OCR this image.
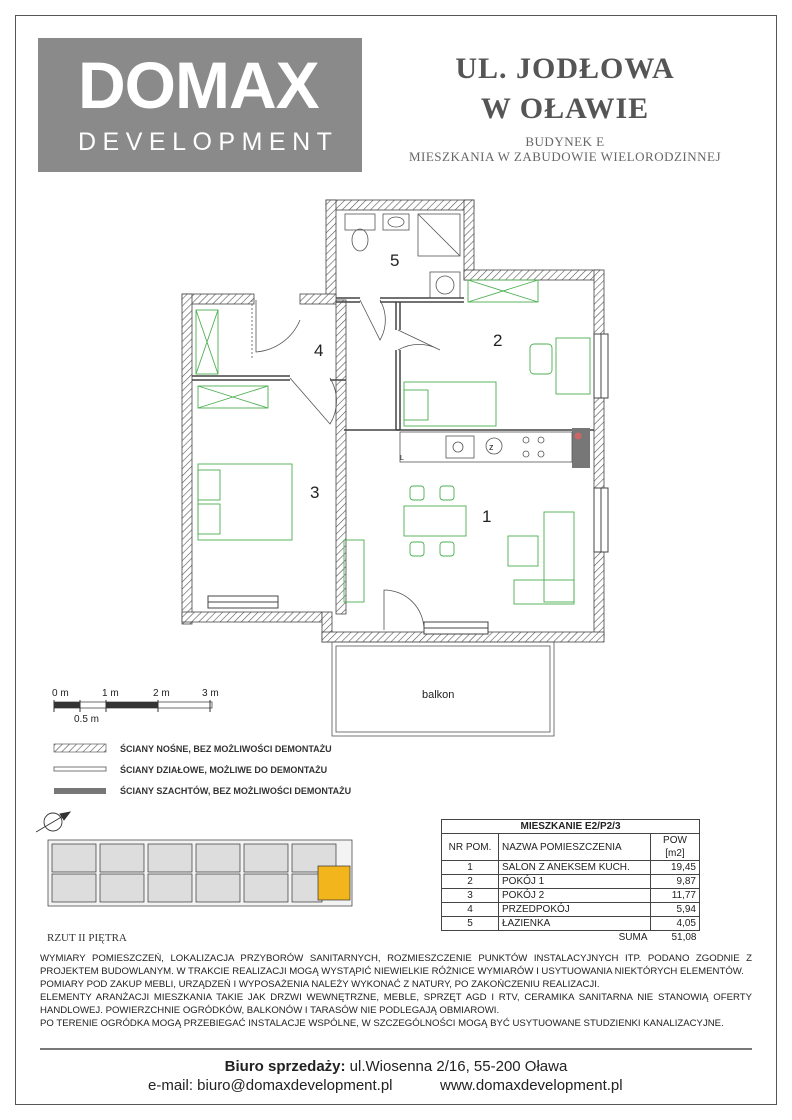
DOMAX	R
DEVELOPMENT
UL. JODŁOWA
W OŁAWIE
BUDYNEK E
MIESZKANIA W ZABUDOWIE WIELORODZINNEJ
z
L
1
2
3
4
5
balkon
0 m	1 m	2 m	3 m
0.5 m
ŚCIANY NOŚNE, BEZ MOŻLIWOŚCI DEMONTAŻU
ŚCIANY DZIAŁOWE, MOŻLIWE DO DEMONTAŻU
ŚCIANY SZACHTÓW, BEZ MOŻLIWOŚCI DEMONTAŻU
RZUT II PIĘTRA
MIESZKANIE E2/P2/3		
NR POM.	NAZWA POMIESZCZENIA	POW [m2]
1	SALON Z ANEKSEM KUCH.	19,45
2	POKÓJ 1	9,87
3	POKÓJ 2	11,77
4	PRZEDPOKÓJ	5,94
5	ŁAZIENKA	4,05
	SUMA	51,08

WYMIARY POMIESZCZEŃ, LOKALIZACJA PRZYBORÓW SANITARNYCH, ROZMIESZCZENIE PUNKTÓW INSTALACYJNYCH ITP. PODANO ZGODNIE Z PROJEKTEM BUDOWLANYM. W TRAKCIE REALIZACJI MOGĄ WYSTĄPIĆ NIEWIELKIE RÓŻNICE WYMIARÓW I USYTUOWANIA NIEKTÓRYCH ELEMENTÓW.

POMIARY POD ZAKUP MEBLI, URZĄDZEŃ I WYPOSAŻENIA NALEŻY WYKONAĆ Z NATURY, PO ZAKOŃCZENIU REALIZACJI.

ELEMENTY ARANŻACJI MIESZKANIA TAKIE JAK DRZWI WEWNĘTRZNE, MEBLE, SPRZĘT AGD I RTV, CERAMIKA SANITARNA NIE STANOWIĄ OFERTY HANDLOWEJ. POWIERZCHNIE OGRÓDKÓW, BALKONÓW I TARASÓW NIE PODLEGAJĄ OBMIAROWI.

PO TERENIE OGRÓDKA MOGĄ PRZEBIEGAĆ INSTALACJE WSPÓLNE, W SZCZEGÓLNOŚCI MOGĄ BYĆ USYTUOWANE STUDZIENKI KANALIZACYJNE.

Biuro sprzedaży: ul.Wiosenna 2/16, 55-200 Oława
e-mail: biuro@domaxdevelopment.pl	www.domaxdevelopment.pl
